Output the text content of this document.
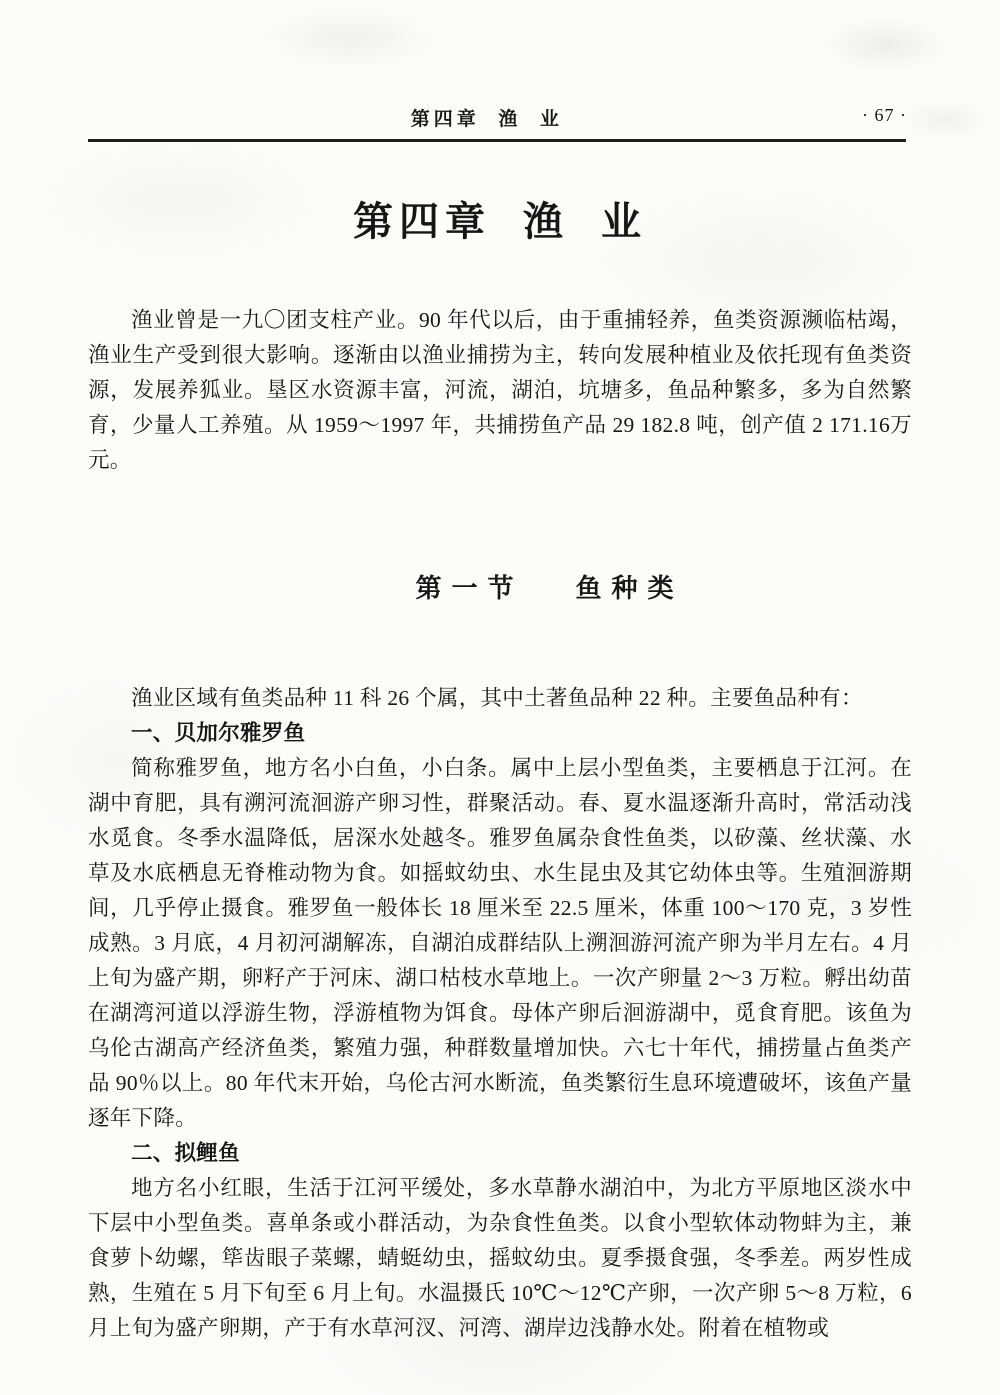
第四章  渔  业	· 67 ·
第四章  渔  业

渔业曾是一九〇团支柱产业。90 年代以后，由于重捕轻养，鱼类资源濒临枯竭，渔业生产受到很大影响。逐渐由以渔业捕捞为主，转向发展种植业及依托现有鱼类资源，发展养狐业。垦区水资源丰富，河流，湖泊，坑塘多，鱼品种繁多，多为自然繁育，少量人工养殖。从 1959～1997 年，共捕捞鱼产品 29 182.8 吨，创产值 2 171.16万元。

第一节 鱼种类

渔业区域有鱼类品种 11 科 26 个属，其中土著鱼品种 22 种。主要鱼品种有：

一、贝加尔雅罗鱼

简称雅罗鱼，地方名小白鱼，小白条。属中上层小型鱼类，主要栖息于江河。在湖中育肥，具有溯河流洄游产卵习性，群聚活动。春、夏水温逐渐升高时，常活动浅水觅食。冬季水温降低，居深水处越冬。雅罗鱼属杂食性鱼类，以矽藻、丝状藻、水草及水底栖息无脊椎动物为食。如摇蚊幼虫、水生昆虫及其它幼体虫等。生殖洄游期间，几乎停止摄食。雅罗鱼一般体长 18 厘米至 22.5 厘米，体重 100～170 克，3 岁性成熟。3 月底，4 月初河湖解冻，自湖泊成群结队上溯洄游河流产卵为半月左右。4 月上旬为盛产期，卵籽产于河床、湖口枯枝水草地上。一次产卵量 2～3 万粒。孵出幼苗在湖湾河道以浮游生物，浮游植物为饵食。母体产卵后洄游湖中，觅食育肥。该鱼为乌伦古湖高产经济鱼类，繁殖力强，种群数量增加快。六七十年代，捕捞量占鱼类产品 90％以上。80 年代末开始，乌伦古河水断流，鱼类繁衍生息环境遭破坏，该鱼产量逐年下降。

二、拟鲤鱼

地方名小红眼，生活于江河平缓处，多水草静水湖泊中，为北方平原地区淡水中下层中小型鱼类。喜单条或小群活动，为杂食性鱼类。以食小型软体动物蚌为主，兼食萝卜幼螺，筚齿眼子菜螺，蜻蜓幼虫，摇蚊幼虫。夏季摄食强，冬季差。两岁性成熟，生殖在 5 月下旬至 6 月上旬。水温摄氏 10℃～12℃产卵，一次产卵 5～8 万粒，6 月上旬为盛产卵期，产于有水草河汊、河湾、湖岸边浅静水处。附着在植物或
